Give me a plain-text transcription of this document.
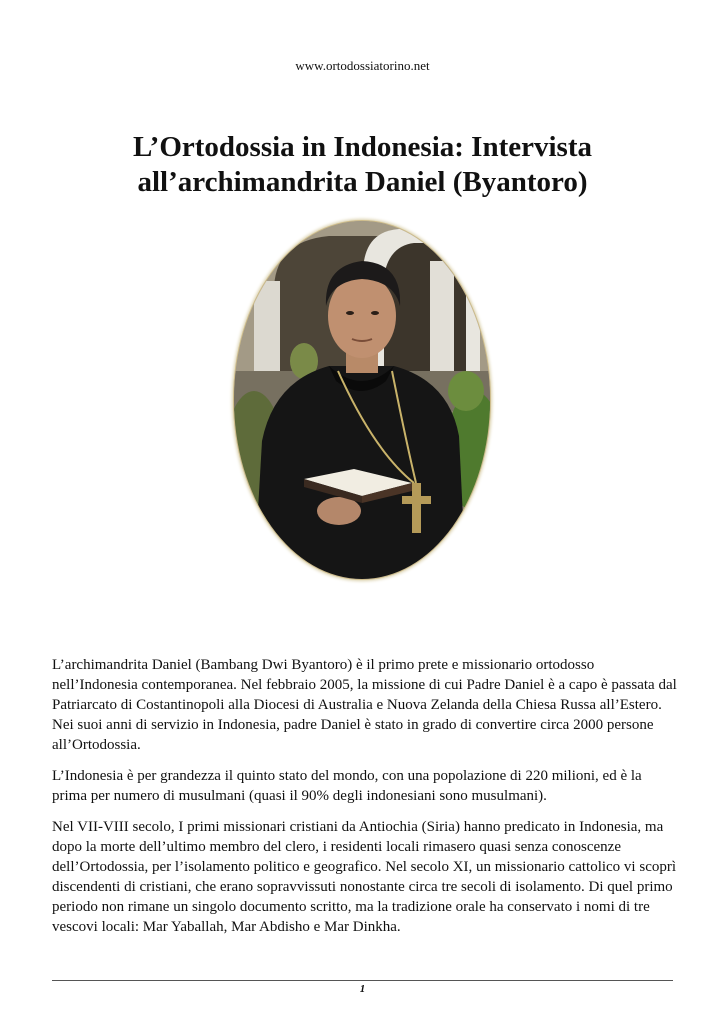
www.ortodossiatorino.net
L’Ortodossia in Indonesia: Intervista all’archimandrita Daniel (Byantoro)

L’archimandrita Daniel (Bambang Dwi Byantoro) è il primo prete e missionario ortodosso nell’Indonesia contemporanea. Nel febbraio 2005, la missione di cui Padre Daniel è a capo è passata dal Patriarcato di Costantinopoli alla Diocesi di Australia e Nuova Zelanda della Chiesa Russa all’Estero. Nei suoi anni di servizio in Indonesia, padre Daniel è stato in grado di convertire circa 2000 persone all’Ortodossia.

L’Indonesia è per grandezza il quinto stato del mondo, con una popolazione di 220 milioni, ed è la prima per numero di musulmani (quasi il 90% degli indonesiani sono musulmani).

Nel VII-VIII secolo, I primi missionari cristiani da Antiochia (Siria) hanno predicato in Indonesia, ma dopo la morte dell’ultimo membro del clero, i residenti locali rimasero quasi senza conoscenze dell’Ortodossia, per l’isolamento politico e geografico. Nel secolo XI, un missionario cattolico vi scoprì discendenti di cristiani, che erano sopravvissuti nonostante circa tre secoli di isolamento. Di quel primo periodo non rimane un singolo documento scritto, ma la tradizione orale ha conservato i nomi di tre vescovi locali: Mar Yaballah, Mar Abdisho e Mar Dinkha.

1
